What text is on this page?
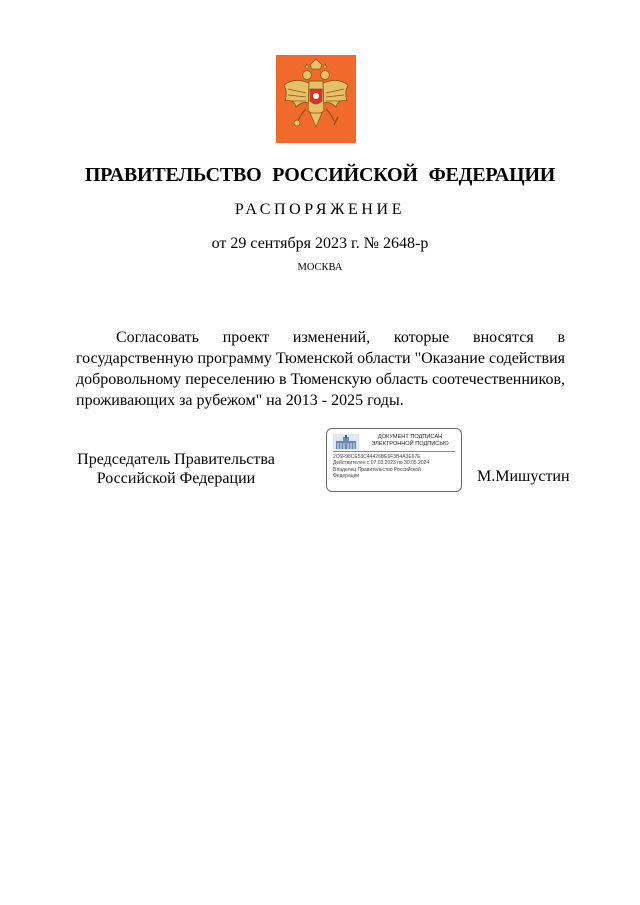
ПРАВИТЕЛЬСТВО РОССИЙСКОЙ ФЕДЕРАЦИИ
РАСПОРЯЖЕНИЕ
от 29 сентября 2023 г. № 2648-р
МОСКВА

Согласовать проект изменений, которые вносятся в государственную программу Тюменской области "Оказание содействия добровольному переселению в Тюменскую область соотечественников, проживающих за рубежом" на 2013 - 2025 годы.

Председатель Правительства
Российской Федерации
ДОКУМЕНТ ПОДПИСАН
ЭЛЕКТРОННОЙ ПОДПИСЬЮ
2C6F98CE53C44426BE6F3B4A3E67E
Действителен с 07.03.2023 по 30.05.2024
Владелец Правительство Российской
Федерации	М.Мишустин
